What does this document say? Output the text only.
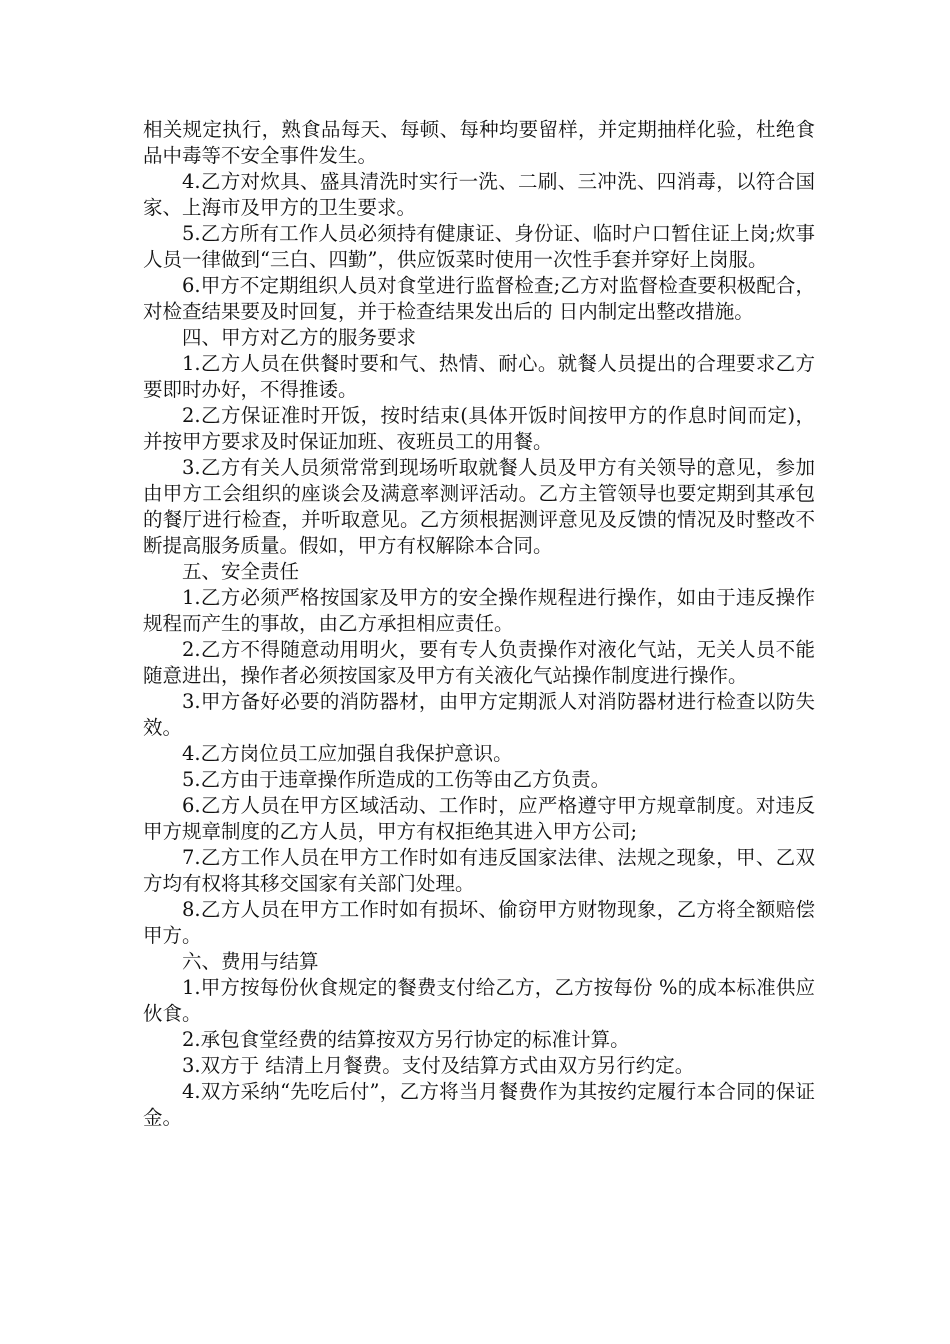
相关规定执行，熟食品每天、每顿、每种均要留样，并定期抽样化验，杜绝食品中毒等不安全事件发生。

4.乙方对炊具、盛具清洗时实行一洗、二刷、三冲洗、四消毒，以符合国家、上海市及甲方的卫生要求。

5.乙方所有工作人员必须持有健康证、身份证、临时户口暂住证上岗;炊事人员一律做到“三白、四勤”，供应饭菜时使用一次性手套并穿好上岗服。

6.甲方不定期组织人员对食堂进行监督检查;乙方对监督检查要积极配合，对检查结果要及时回复，并于检查结果发出后的 日内制定出整改措施。

四、甲方对乙方的服务要求

1.乙方人员在供餐时要和气、热情、耐心。就餐人员提出的合理要求乙方要即时办好，不得推诿。

2.乙方保证准时开饭，按时结束(具体开饭时间按甲方的作息时间而定)，并按甲方要求及时保证加班、夜班员工的用餐。

3.乙方有关人员须常常到现场听取就餐人员及甲方有关领导的意见，参加由甲方工会组织的座谈会及满意率测评活动。乙方主管领导也要定期到其承包的餐厅进行检查，并听取意见。乙方须根据测评意见及反馈的情况及时整改不断提高服务质量。假如，甲方有权解除本合同。

五、安全责任

1.乙方必须严格按国家及甲方的安全操作规程进行操作，如由于违反操作规程而产生的事故，由乙方承担相应责任。

2.乙方不得随意动用明火，要有专人负责操作对液化气站，无关人员不能随意进出，操作者必须按国家及甲方有关液化气站操作制度进行操作。

3.甲方备好必要的消防器材，由甲方定期派人对消防器材进行检查以防失效。

4.乙方岗位员工应加强自我保护意识。

5.乙方由于违章操作所造成的工伤等由乙方负责。

6.乙方人员在甲方区域活动、工作时，应严格遵守甲方规章制度。对违反甲方规章制度的乙方人员，甲方有权拒绝其进入甲方公司;

7.乙方工作人员在甲方工作时如有违反国家法律、法规之现象，甲、乙双方均有权将其移交国家有关部门处理。

8.乙方人员在甲方工作时如有损坏、偷窃甲方财物现象，乙方将全额赔偿甲方。

六、费用与结算

1.甲方按每份伙食规定的餐费支付给乙方，乙方按每份 %的成本标准供应伙食。

2.承包食堂经费的结算按双方另行协定的标准计算。

3.双方于 结清上月餐费。支付及结算方式由双方另行约定。

4.双方采纳“先吃后付”，乙方将当月餐费作为其按约定履行本合同的保证金。
